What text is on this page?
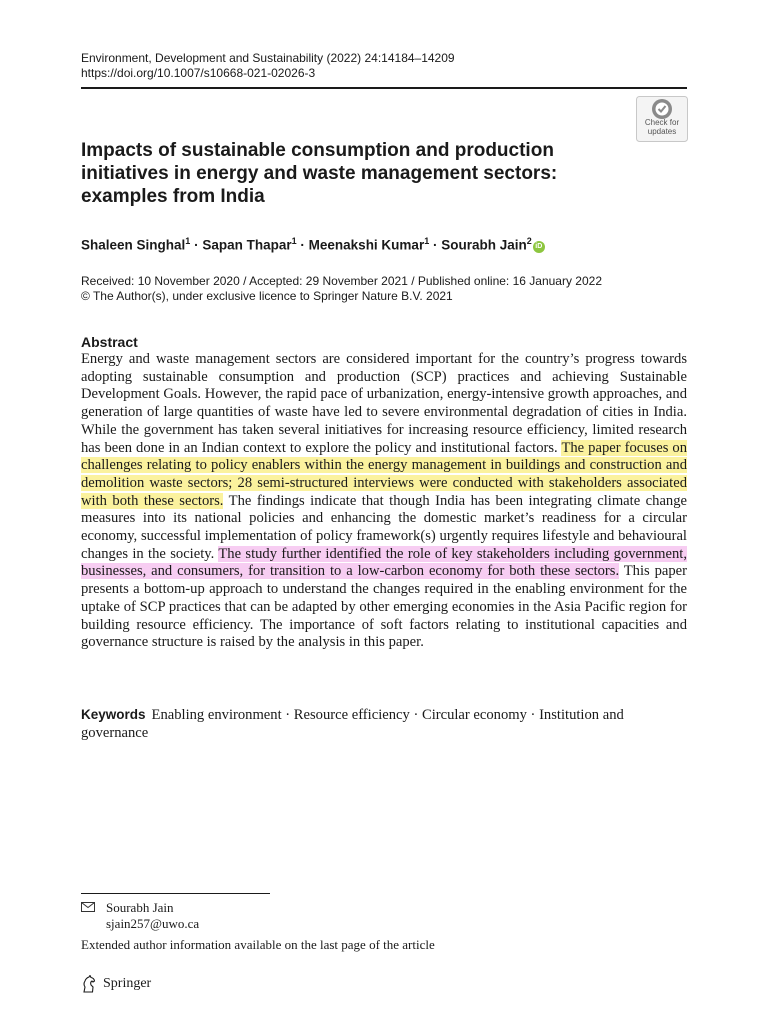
Environment, Development and Sustainability (2022) 24:14184–14209
https://doi.org/10.1007/s10668-021-02026-3
Check for updates
Impacts of sustainable consumption and production initiatives in energy and waste management sectors: examples from India
Shaleen Singhal$^1$ · Sapan Thapar$^1$ · Meenakshi Kumar$^1$ · Sourabh Jain$^2$ iD
Received: 10 November 2020 / Accepted: 29 November 2021 / Published online: 16 January 2022
© The Author(s), under exclusive licence to Springer Nature B.V. 2021
Abstract
Energy and waste management sectors are considered important for the country’s progress towards adopting sustainable consumption and production (SCP) practices and achieving Sustainable Development Goals. However, the rapid pace of urbanization, energy-intensive growth approaches, and generation of large quantities of waste have led to severe environmental degradation of cities in India. While the government has taken several initiatives for increasing resource efficiency, limited research has been done in an Indian context to explore the policy and institutional factors. The paper focuses on challenges relating to policy enablers within the energy management in buildings and construction and demolition waste sectors; 28 semi-structured interviews were conducted with stakeholders associated with both these sectors. The findings indicate that though India has been integrating climate change measures into its national policies and enhancing the domestic market’s readiness for a circular economy, successful implementation of policy framework(s) urgently requires lifestyle and behavioural changes in the society. The study further identified the role of key stakeholders including government, businesses, and consumers, for transition to a low-carbon economy for both these sectors. This paper presents a bottom-up approach to understand the changes required in the enabling environment for the uptake of SCP practices that can be adapted by other emerging economies in the Asia Pacific region for building resource efficiency. The importance of soft factors relating to institutional capacities and governance structure is raised by the analysis in this paper.
Keywords Enabling environment · Resource efficiency · Circular economy · Institution and governance
Sourabh Jain
sjain257@uwo.ca
Extended author information available on the last page of the article
Springer
